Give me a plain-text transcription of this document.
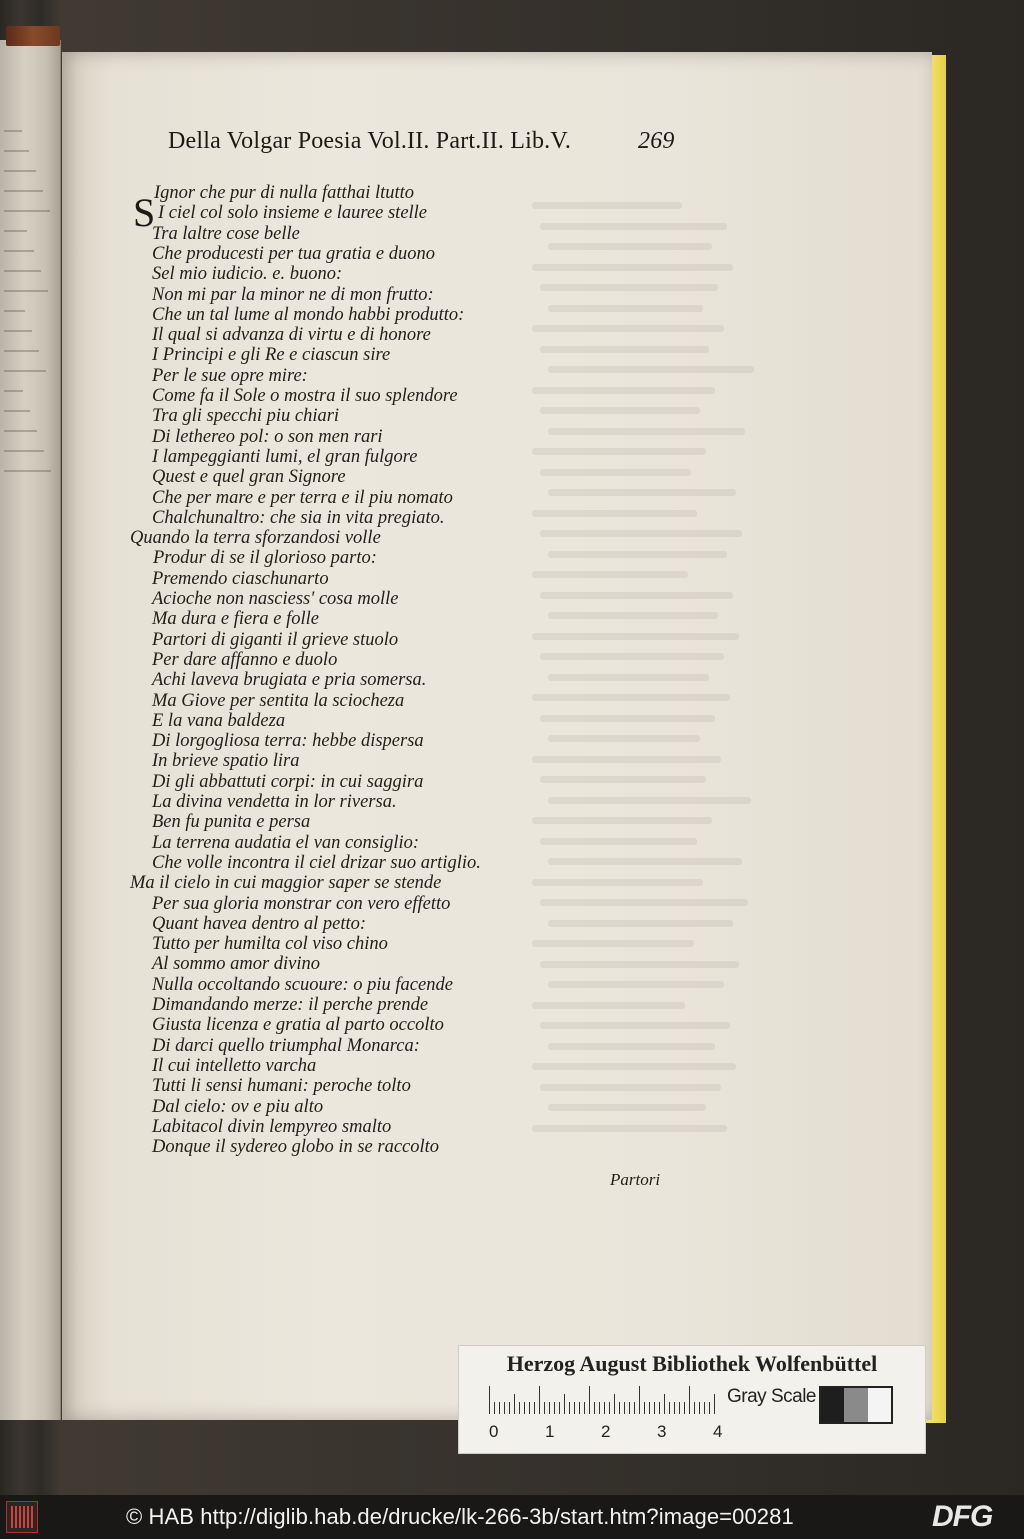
Della Volgar Poesia Vol.II. Part.II. Lib.V.	269
S
Ignor che pur di nulla fatthai ltutto
I ciel col solo insieme e lauree stelle
Tra laltre cose belle
Che producesti per tua gratia e duono
Sel mio iudicio. e. buono:
Non mi par la minor ne di mon frutto:
Che un tal lume al mondo habbi produtto:
Il qual si advanza di virtu e di honore
I Principi e gli Re e ciascun sire
Per le sue opre mire:
Come fa il Sole o mostra il suo splendore
Tra gli specchi piu chiari
Di lethereo pol: o son men rari
I lampeggianti lumi, el gran fulgore
Quest e quel gran Signore
Che per mare e per terra e il piu nomato
Chalchunaltro: che sia in vita pregiato.
Quando la terra sforzandosi volle
Produr di se il glorioso parto:
Premendo ciaschunarto
Acioche non nasciess' cosa molle
Ma dura e fiera e folle
Partori di giganti il grieve stuolo
Per dare affanno e duolo
Achi laveva brugiata e pria somersa.
Ma Giove per sentita la sciocheza
E la vana baldeza
Di lorgogliosa terra: hebbe dispersa
In brieve spatio lira
Di gli abbattuti corpi: in cui saggira
La divina vendetta in lor riversa.
Ben fu punita e persa
La terrena audatia el van consiglio:
Che volle incontra il ciel drizar suo artiglio.
Ma il cielo in cui maggior saper se stende
Per sua gloria monstrar con vero effetto
Quant havea dentro al petto:
Tutto per humilta col viso chino
Al sommo amor divino
Nulla occoltando scuoure: o piu facende
Dimandando merze: il perche prende
Giusta licenza e gratia al parto occolto
Di darci quello triumphal Monarca:
Il cui intelletto varcha
Tutti li sensi humani: peroche tolto
Dal cielo: ov e piu alto
Labitacol divin lempyreo smalto
Donque il sydereo globo in se raccolto
Partori
Herzog August Bibliothek Wolfenbüttel
0	1	2	3	4
Gray Scale
© HAB http://diglib.hab.de/drucke/lk-266-3b/start.htm?image=00281	DFG
